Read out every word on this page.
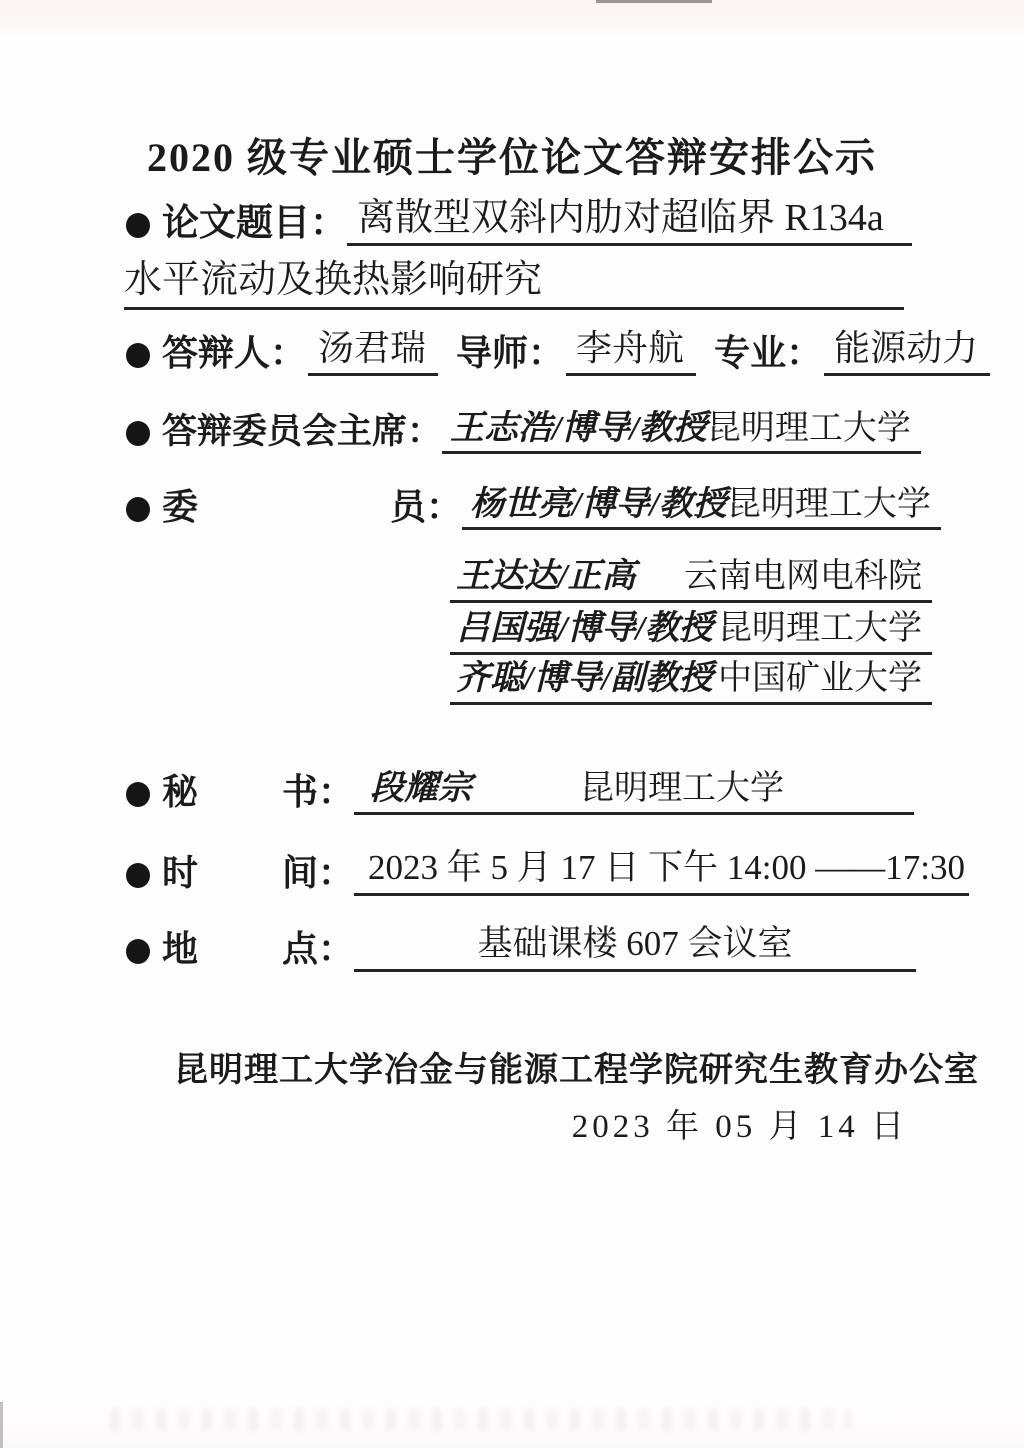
2020 级专业硕士学位论文答辩安排公示
论文题目： 离散型双斜内肋对超临界 R134a
水平流动及换热影响研究
答辩人： 汤君瑞 导师： 李舟航 专业： 能源动力
答辩委员会主席： 王志浩/博导/教授 昆明理工大学
委	员： 杨世亮/博导/教授 昆明理工大学
王达达/正高 云南电网电科院
吕国强/博导/教授 昆明理工大学
齐聪/博导/副教授 中国矿业大学
秘 书： 段耀宗	昆明理工大学
时 间： 2023 年 5 月 17 日 下午 14:00 ——17:30
地 点：	基础课楼 607 会议室
昆明理工大学冶金与能源工程学院研究生教育办公室
2023 年 05 月 14 日
